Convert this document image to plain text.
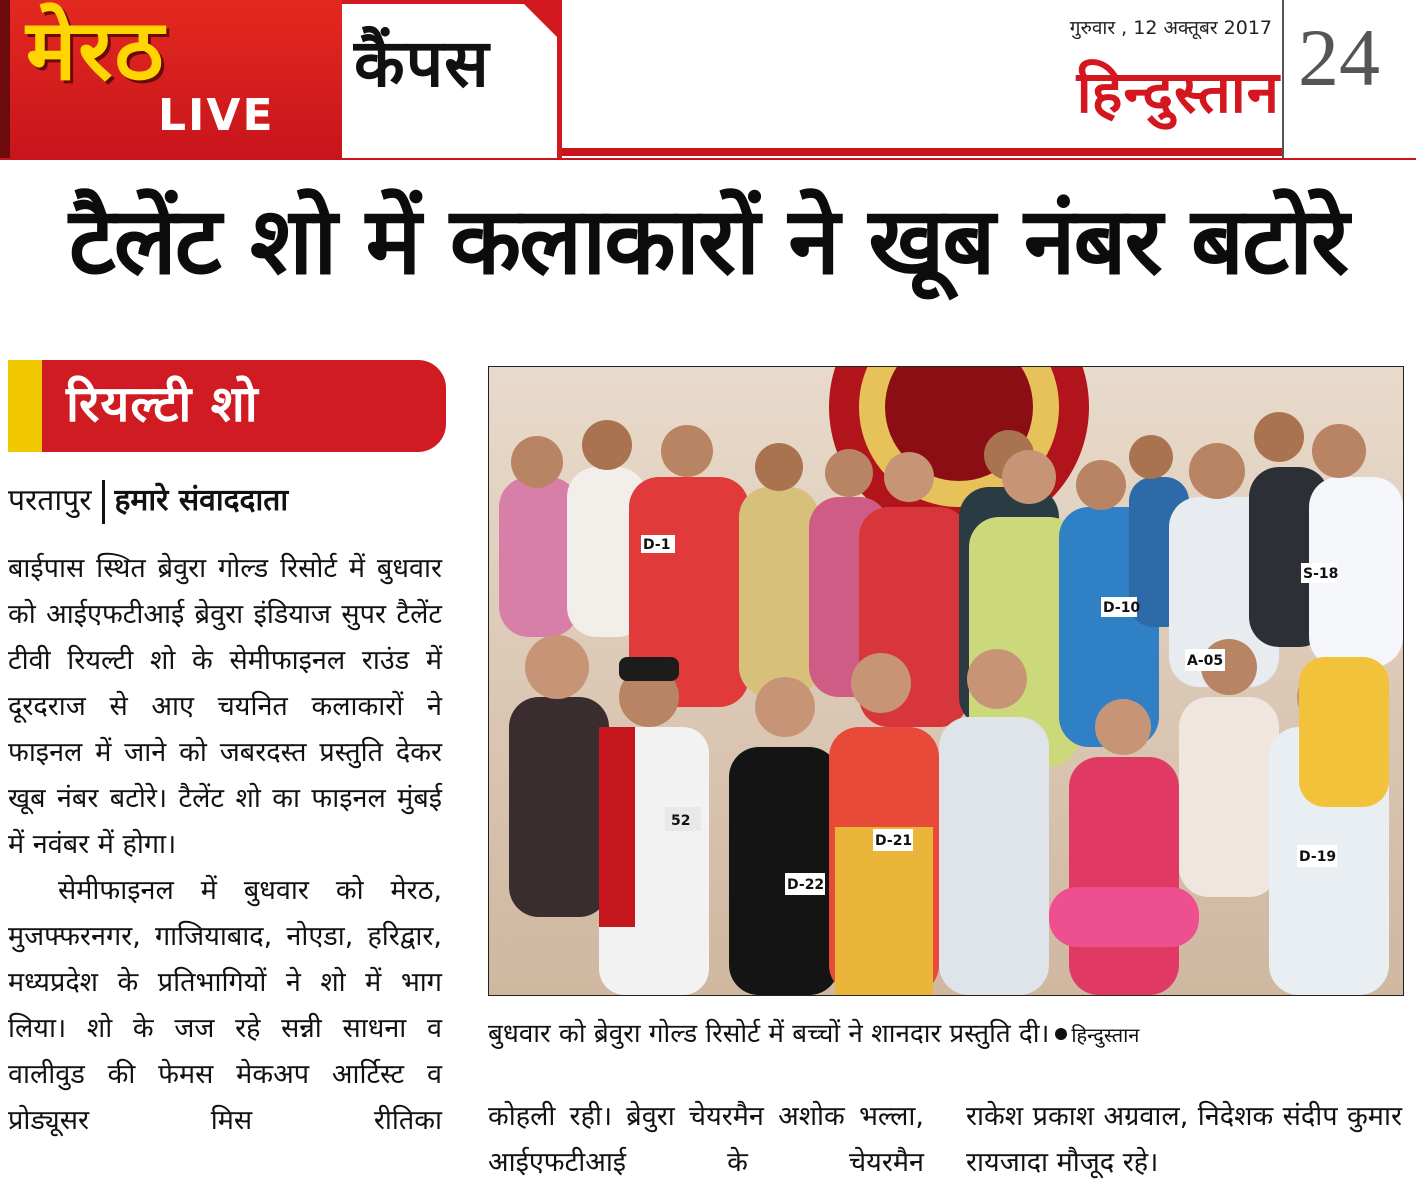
मेरठ
LIVE
कैंपस	गुरुवार , 12 अक्तूबर 2017
हिन्दुस्तान 24
टैलेंट शो में कलाकारों ने खूब नंबर बटोरे
रियल्टी शो
परतापुर हमारे संवाददाता

बाईपास स्थित ब्रेवुरा गोल्ड रिसोर्ट में बुधवार को आईएफटीआई ब्रेवुरा इंडियाज सुपर टैलेंट टीवी रियल्टी शो के सेमीफाइनल राउंड में दूरदराज से आए चयनित कलाकारों ने फाइनल में जाने को जबरदस्त प्रस्तुति देकर खूब नंबर बटोरे। टैलेंट शो का फाइनल मुंबई में नवंबर में होगा।

सेमीफाइनल में बुधवार को मेरठ, मुजफ्फरनगर, गाजियाबाद, नोएडा, हरिद्वार, मध्यप्रदेश के प्रतिभागियों ने शो में भाग लिया। शो के जज रहे सन्नी साधना व वालीवुड की फेमस मेकअप आर्टिस्ट व प्रोड्यूसर मिस रीतिका

D-1
D-21
D-22
D-19
A-05
S-18
D-10
52
बुधवार को ब्रेवुरा गोल्ड रिसोर्ट में बच्चों ने शानदार प्रस्तुति दी। हिन्दुस्तान

कोहली रही। ब्रेवुरा चेयरमैन अशोक भल्ला, आईएफटीआई के चेयरमैन

राकेश प्रकाश अग्रवाल, निदेशक संदीप कुमार रायजादा मौजूद रहे।
